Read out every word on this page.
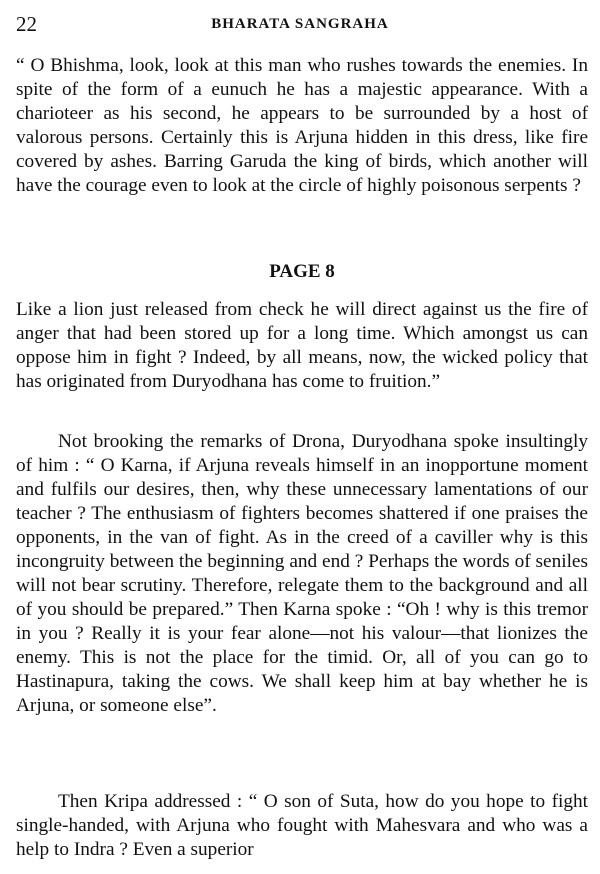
22	BHARATA SANGRAHA

“ O Bhishma, look, look at this man who rushes towards the enemies. In spite of the form of a eunuch he has a majestic appearance. With a charioteer as his second, he appears to be surrounded by a host of valorous persons. Certainly this is Arjuna hidden in this dress, like fire covered by ashes. Barring Garuda the king of birds, which another will have the courage even to look at the circle of highly poisonous serpents ?

PAGE 8

Like a lion just released from check he will direct against us the fire of anger that had been stored up for a long time. Which amongst us can oppose him in fight ? Indeed, by all means, now, the wicked policy that has originated from Duryodhana has come to fruition.”

Not brooking the remarks of Drona, Duryodhana spoke insultingly of him : “ O Karna, if Arjuna reveals himself in an inopportune moment and fulfils our desires, then, why these unnecessary lamentations of our teacher ? The enthusiasm of fighters becomes shattered if one praises the opponents, in the van of fight. As in the creed of a caviller why is this incongruity between the beginning and end ? Perhaps the words of seniles will not bear scrutiny. Therefore, relegate them to the background and all of you should be prepared.” Then Karna spoke : “Oh ! why is this tremor in you ? Really it is your fear alone—not his valour—that lionizes the enemy. This is not the place for the timid. Or, all of you can go to Hastinapura, taking the cows. We shall keep him at bay whether he is Arjuna, or someone else”.

Then Kripa addressed : “ O son of Suta, how do you hope to fight single-handed, with Arjuna who fought with Mahesvara and who was a help to Indra ? Even a superior
